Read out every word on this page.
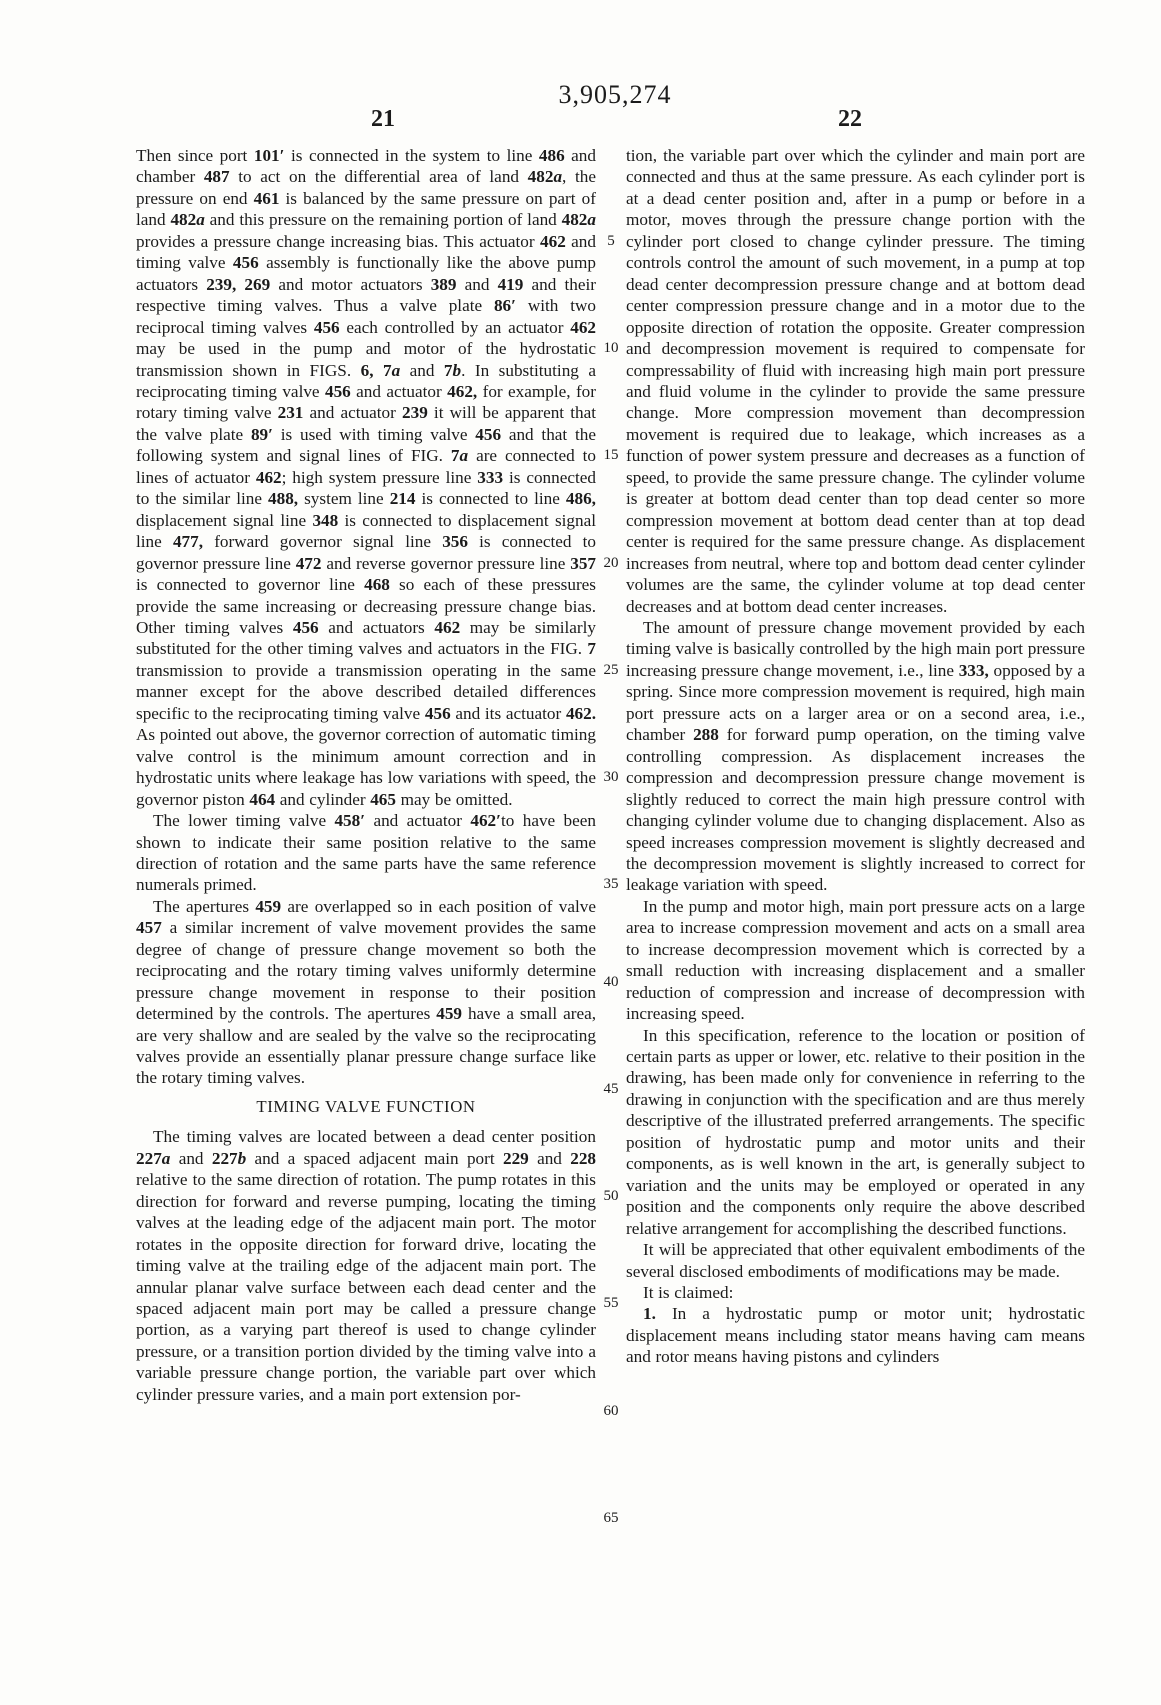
3,905,274
21	22

Then since port 101′ is connected in the system to line 486 and chamber 487 to act on the differential area of land 482a, the pressure on end 461 is balanced by the same pressure on part of land 482a and this pressure on the remaining portion of land 482a provides a pressure change increasing bias. This actuator 462 and timing valve 456 assembly is functionally like the above pump actuators 239, 269 and motor actuators 389 and 419 and their respective timing valves. Thus a valve plate 86′ with two reciprocal timing valves 456 each controlled by an actuator 462 may be used in the pump and motor of the hydrostatic transmission shown in FIGS. 6, 7a and 7b. In substituting a reciprocating timing valve 456 and actuator 462, for example, for rotary timing valve 231 and actuator 239 it will be apparent that the valve plate 89′ is used with timing valve 456 and that the following system and signal lines of FIG. 7a are connected to lines of actuator 462; high system pressure line 333 is connected to the similar line 488, system line 214 is connected to line 486, displacement signal line 348 is connected to displacement signal line 477, forward governor signal line 356 is connected to governor pressure line 472 and reverse governor pressure line 357 is connected to governor line 468 so each of these pressures provide the same increasing or decreasing pressure change bias. Other timing valves 456 and actuators 462 may be similarly substituted for the other timing valves and actuators in the FIG. 7 transmission to provide a transmission operating in the same manner except for the above described detailed differences specific to the reciprocating timing valve 456 and its actuator 462. As pointed out above, the governor correction of automatic timing valve control is the minimum amount correction and in hydrostatic units where leakage has low variations with speed, the governor piston 464 and cylinder 465 may be omitted.

The lower timing valve 458′ and actuator 462′to have been shown to indicate their same position relative to the same direction of rotation and the same parts have the same reference numerals primed.

The apertures 459 are overlapped so in each position of valve 457 a similar increment of valve movement provides the same degree of change of pressure change movement so both the reciprocating and the rotary timing valves uniformly determine pressure change movement in response to their position determined by the controls. The apertures 459 have a small area, are very shallow and are sealed by the valve so the reciprocating valves provide an essentially planar pressure change surface like the rotary timing valves.

TIMING VALVE FUNCTION

The timing valves are located between a dead center position 227a and 227b and a spaced adjacent main port 229 and 228 relative to the same direction of rotation. The pump rotates in this direction for forward and reverse pumping, locating the timing valves at the leading edge of the adjacent main port. The motor rotates in the opposite direction for forward drive, locating the timing valve at the trailing edge of the adjacent main port. The annular planar valve surface between each dead center and the spaced adjacent main port may be called a pressure change portion, as a varying part thereof is used to change cylinder pressure, or a transition portion divided by the timing valve into a variable pressure change portion, the variable part over which cylinder pressure varies, and a main port extension por-

5
10
15
20
25
30
35
40
45
50
55
60
65

tion, the variable part over which the cylinder and main port are connected and thus at the same pressure. As each cylinder port is at a dead center position and, after in a pump or before in a motor, moves through the pressure change portion with the cylinder port closed to change cylinder pressure. The timing controls control the amount of such movement, in a pump at top dead center decompression pressure change and at bottom dead center compression pressure change and in a motor due to the opposite direction of rotation the opposite. Greater compression and decompression movement is required to compensate for compressability of fluid with increasing high main port pressure and fluid volume in the cylinder to provide the same pressure change. More compression movement than decompression movement is required due to leakage, which increases as a function of power system pressure and decreases as a function of speed, to provide the same pressure change. The cylinder volume is greater at bottom dead center than top dead center so more compression movement at bottom dead center than at top dead center is required for the same pressure change. As displacement increases from neutral, where top and bottom dead center cylinder volumes are the same, the cylinder volume at top dead center decreases and at bottom dead center increases.

The amount of pressure change movement provided by each timing valve is basically controlled by the high main port pressure increasing pressure change movement, i.e., line 333, opposed by a spring. Since more compression movement is required, high main port pressure acts on a larger area or on a second area, i.e., chamber 288 for forward pump operation, on the timing valve controlling compression. As displacement increases the compression and decompression pressure change movement is slightly reduced to correct the main high pressure control with changing cylinder volume due to changing displacement. Also as speed increases compression movement is slightly decreased and the decompression movement is slightly increased to correct for leakage variation with speed.

In the pump and motor high, main port pressure acts on a large area to increase compression movement and acts on a small area to increase decompression movement which is corrected by a small reduction with increasing displacement and a smaller reduction of compression and increase of decompression with increasing speed.

In this specification, reference to the location or position of certain parts as upper or lower, etc. relative to their position in the drawing, has been made only for convenience in referring to the drawing in conjunction with the specification and are thus merely descriptive of the illustrated preferred arrangements. The specific position of hydrostatic pump and motor units and their components, as is well known in the art, is generally subject to variation and the units may be employed or operated in any position and the components only require the above described relative arrangement for accomplishing the described functions.

It will be appreciated that other equivalent embodiments of the several disclosed embodiments of modifications may be made.

It is claimed:

1. In a hydrostatic pump or motor unit; hydrostatic displacement means including stator means having cam means and rotor means having pistons and cylinders
